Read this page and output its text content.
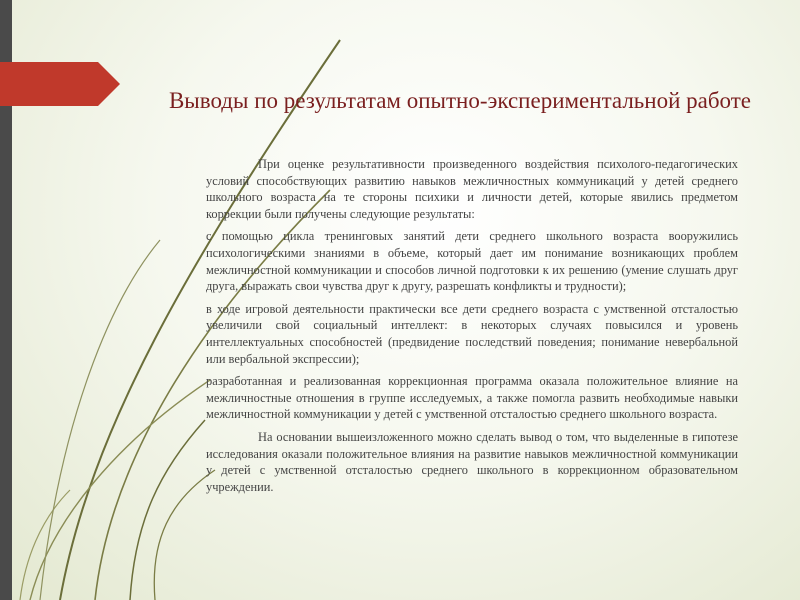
Выводы по результатам опытно-экспериментальной работе

При оценке результативности произведенного воздействия психолого-педагогических условий способствующих развитию навыков межличностных коммуникаций у детей среднего школьного возраста на те стороны психики и личности детей, которые явились предметом коррекции были получены следующие результаты:

с помощью цикла тренинговых занятий дети среднего школьного возраста вооружились психологическими знаниями в объеме, который дает им понимание возникающих проблем межличностной коммуникации и способов личной подготовки к их решению (умение слушать друг друга, выражать свои чувства друг к другу, разрешать конфликты и трудности);
в ходе игровой деятельности практически все дети среднего возраста с умственной отсталостью увеличили свой социальный интеллект: в некоторых случаях повысился и уровень интеллектуальных способностей (предвидение последствий поведения; понимание невербальной или вербальной экспрессии);
разработанная и реализованная коррекционная программа оказала положительное влияние на межличностные отношения в группе исследуемых, а также помогла развить необходимые навыки межличностной коммуникации у детей с умственной отсталостью среднего школьного возраста.

На основании вышеизложенного можно сделать вывод о том, что выделенные в гипотезе исследования оказали положительное влияния на развитие навыков межличностной коммуникации у детей с умственной отсталостью среднего школьного в коррекционном образовательном учреждении.
